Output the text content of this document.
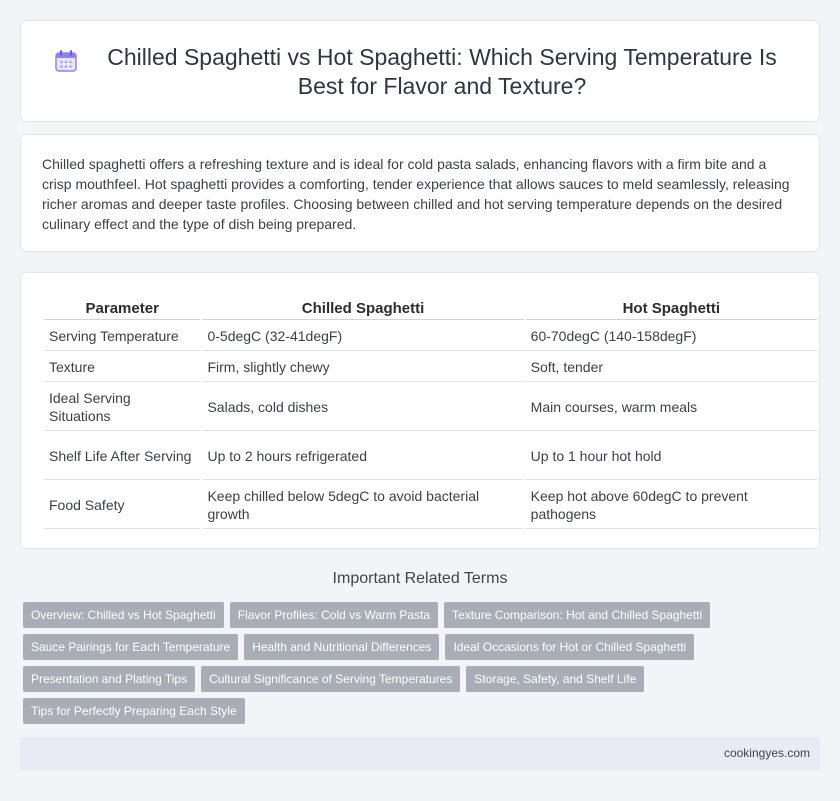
Chilled Spaghetti vs Hot Spaghetti: Which Serving Temperature Is Best for Flavor and Texture?

Chilled spaghetti offers a refreshing texture and is ideal for cold pasta salads, enhancing flavors with a firm bite and a crisp mouthfeel. Hot spaghetti provides a comforting, tender experience that allows sauces to meld seamlessly, releasing richer aromas and deeper taste profiles. Choosing between chilled and hot serving temperature depends on the desired culinary effect and the type of dish being prepared.

Parameter	Chilled Spaghetti	Hot Spaghetti
Serving Temperature	0-5degC (32-41degF)	60-70degC (140-158degF)
Texture	Firm, slightly chewy	Soft, tender
Ideal Serving Situations	Salads, cold dishes	Main courses, warm meals
Shelf Life After Serving	Up to 2 hours refrigerated	Up to 1 hour hot hold
Food Safety	Keep chilled below 5degC to avoid bacterial growth	Keep hot above 60degC to prevent pathogens
Important Related Terms
Overview: Chilled vs Hot Spaghetti	Flavor Profiles: Cold vs Warm Pasta	Texture Comparison: Hot and Chilled Spaghetti
Sauce Pairings for Each Temperature	Health and Nutritional Differences	Ideal Occasions for Hot or Chilled Spaghetti
Presentation and Plating Tips	Cultural Significance of Serving Temperatures	Storage, Safety, and Shelf Life
Tips for Perfectly Preparing Each Style
cookingyes.com
